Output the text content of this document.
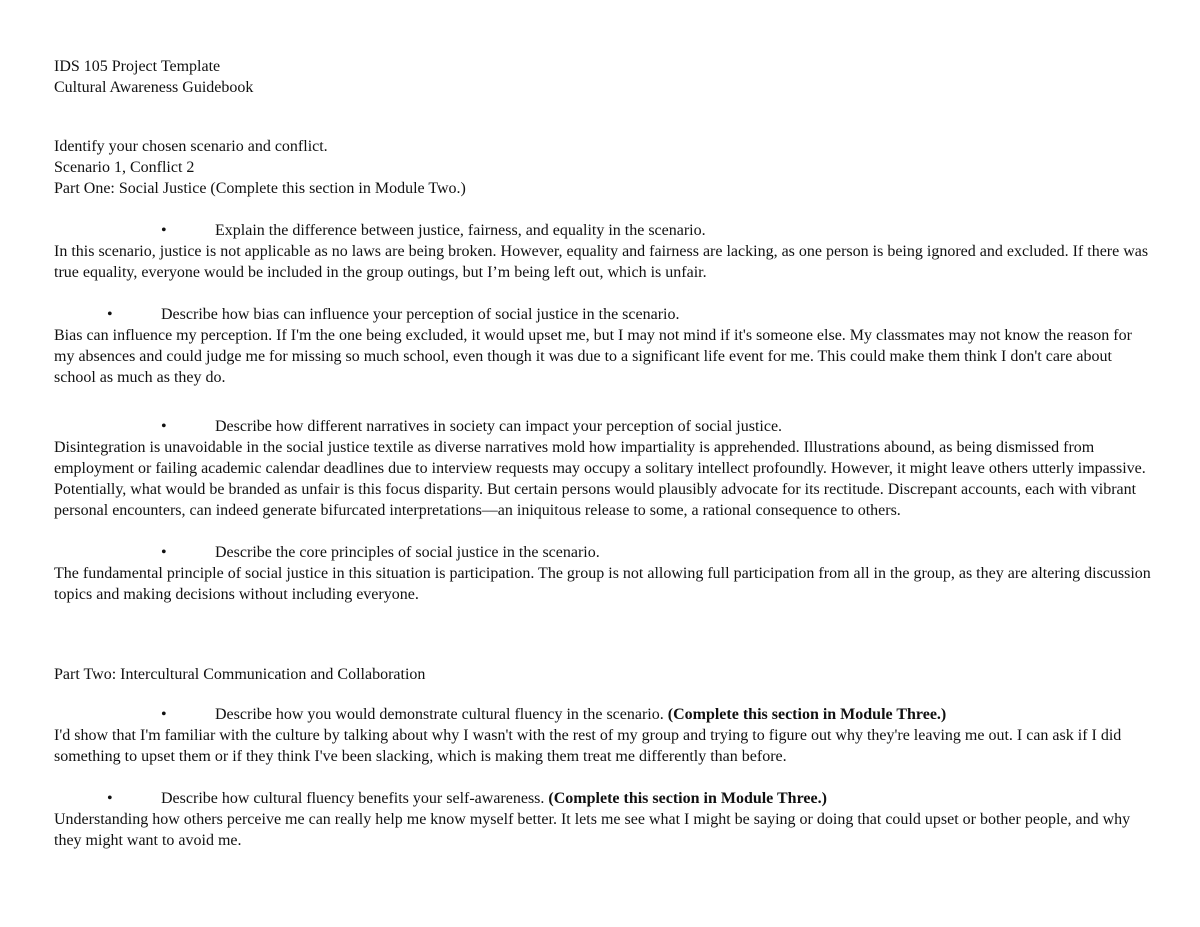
IDS 105 Project Template
Cultural Awareness Guidebook
Identify your chosen scenario and conflict.
Scenario 1, Conflict 2
Part One: Social Justice (Complete this section in Module Two.)
•	Explain the difference between justice, fairness, and equality in the scenario.
In this scenario, justice is not applicable as no laws are being broken. However, equality and fairness are lacking, as one person is being ignored and excluded. If there was true equality, everyone would be included in the group outings, but I’m being left out, which is unfair.
•	Describe how bias can influence your perception of social justice in the scenario.
Bias can influence my perception. If I'm the one being excluded, it would upset me, but I may not mind if it's someone else. My classmates may not know the reason for my absences and could judge me for missing so much school, even though it was due to a significant life event for me. This could make them think I don't care about school as much as they do.
•	Describe how different narratives in society can impact your perception of social justice.
Disintegration is unavoidable in the social justice textile as diverse narratives mold how impartiality is apprehended. Illustrations abound, as being dismissed from employment or failing academic calendar deadlines due to interview requests may occupy a solitary intellect profoundly. However, it might leave others utterly impassive. Potentially, what would be branded as unfair is this focus disparity. But certain persons would plausibly advocate for its rectitude. Discrepant accounts, each with vibrant personal encounters, can indeed generate bifurcated interpretations—an iniquitous release to some, a rational consequence to others.
•	Describe the core principles of social justice in the scenario.
The fundamental principle of social justice in this situation is participation. The group is not allowing full participation from all in the group, as they are altering discussion topics and making decisions without including everyone.
Part Two: Intercultural Communication and Collaboration
•	Describe how you would demonstrate cultural fluency in the scenario. (Complete this section in Module Three.)
I'd show that I'm familiar with the culture by talking about why I wasn't with the rest of my group and trying to figure out why they're leaving me out. I can ask if I did something to upset them or if they think I've been slacking, which is making them treat me differently than before.
•	Describe how cultural fluency benefits your self-awareness. (Complete this section in Module Three.)
Understanding how others perceive me can really help me know myself better. It lets me see what I might be saying or doing that could upset or bother people, and why they might want to avoid me.
